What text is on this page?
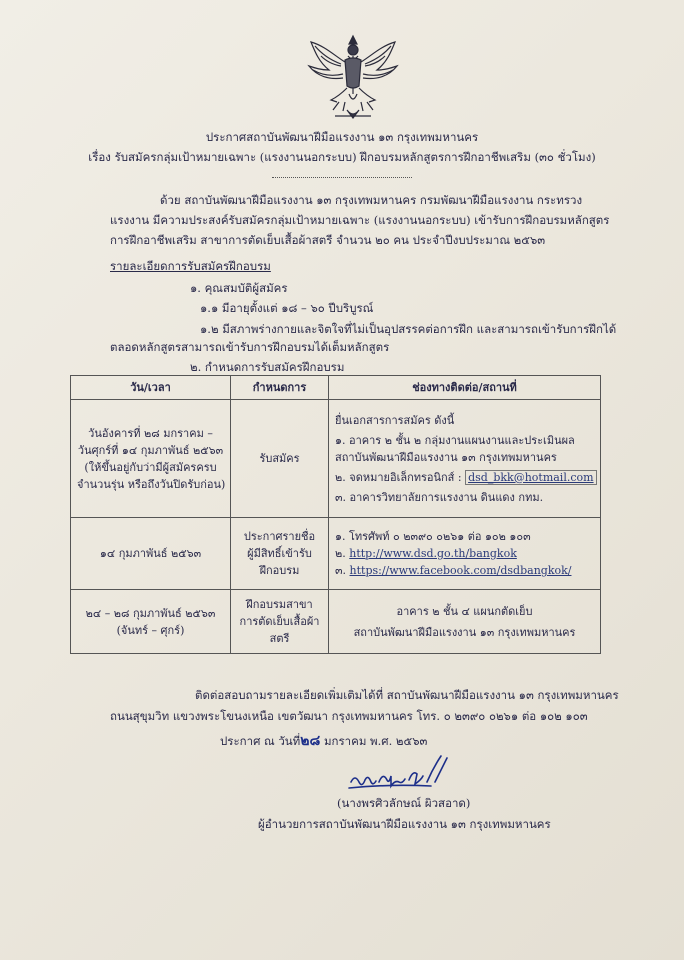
ประกาศสถาบันพัฒนาฝีมือแรงงาน ๑๓ กรุงเทพมหานคร
เรื่อง รับสมัครกลุ่มเป้าหมายเฉพาะ (แรงงานนอกระบบ) ฝึกอบรมหลักสูตรการฝึกอาชีพเสริม (๓๐ ชั่วโมง)
ด้วย สถาบันพัฒนาฝีมือแรงงาน ๑๓ กรุงเทพมหานคร กรมพัฒนาฝีมือแรงงาน กระทรวง
แรงงาน มีความประสงค์รับสมัครกลุ่มเป้าหมายเฉพาะ (แรงงานนอกระบบ) เข้ารับการฝึกอบรมหลักสูตร
การฝึกอาชีพเสริม สาขาการตัดเย็บเสื้อผ้าสตรี จำนวน ๒๐ คน ประจำปีงบประมาณ ๒๕๖๓
รายละเอียดการรับสมัครฝึกอบรม
๑. คุณสมบัติผู้สมัคร
๑.๑ มีอายุตั้งแต่ ๑๘ – ๖๐ ปีบริบูรณ์
๑.๒ มีสภาพร่างกายและจิตใจที่ไม่เป็นอุปสรรคต่อการฝึก และสามารถเข้ารับการฝึกได้
ตลอดหลักสูตรสามารถเข้ารับการฝึกอบรมได้เต็มหลักสูตร
๒. กำหนดการรับสมัครฝึกอบรม
วัน/เวลา	กำหนดการ	ช่องทางติดต่อ/สถานที่

วันอังคารที่ ๒๘ มกราคม –
วันศุกร์ที่ ๑๔ กุมภาพันธ์ ๒๕๖๓
(ให้ขึ้นอยู่กับว่ามีผู้สมัครครบ
จำนวนรุ่น หรือถึงวันปิดรับก่อน)	รับสมัคร	ยื่นเอกสารการสมัคร ดังนี้
๑. อาคาร ๒ ชั้น ๒ กลุ่มงานแผนงานและประเมินผล
สถาบันพัฒนาฝีมือแรงงาน ๑๓ กรุงเทพมหานคร
๒. จดหมายอิเล็กทรอนิกส์ : dsd_bkk@hotmail.com
๓. อาคารวิทยาลัยการแรงงาน ดินแดง กทม.

๑๔ กุมภาพันธ์ ๒๕๖๓	ประกาศรายชื่อ
ผู้มีสิทธิ์เข้ารับ
ฝึกอบรม	๑. โทรศัพท์ ๐ ๒๓๙๐ ๐๒๖๑ ต่อ ๑๐๒ ๑๐๓
๒. http://www.dsd.go.th/bangkok
๓. https://www.facebook.com/dsdbangkok/

๒๔ – ๒๘ กุมภาพันธ์ ๒๕๖๓
(จันทร์ – ศุกร์)	ฝึกอบรมสาขา
การตัดเย็บเสื้อผ้า
สตรี	อาคาร ๒ ชั้น ๔ แผนกตัดเย็บ
สถาบันพัฒนาฝีมือแรงงาน ๑๓ กรุงเทพมหานคร
ติดต่อสอบถามรายละเอียดเพิ่มเติมได้ที่ สถาบันพัฒนาฝีมือแรงงาน ๑๓ กรุงเทพมหานคร
ถนนสุขุมวิท แขวงพระโขนงเหนือ เขตวัฒนา กรุงเทพมหานคร โทร. ๐ ๒๓๙๐ ๐๒๖๑ ต่อ ๑๐๒ ๑๐๓
ประกาศ ณ วันที่๒๘ มกราคม พ.ศ. ๒๕๖๓
(นางพรศิวลักษณ์ ผิวสอาด)
ผู้อำนวยการสถาบันพัฒนาฝีมือแรงงาน ๑๓ กรุงเทพมหานคร
